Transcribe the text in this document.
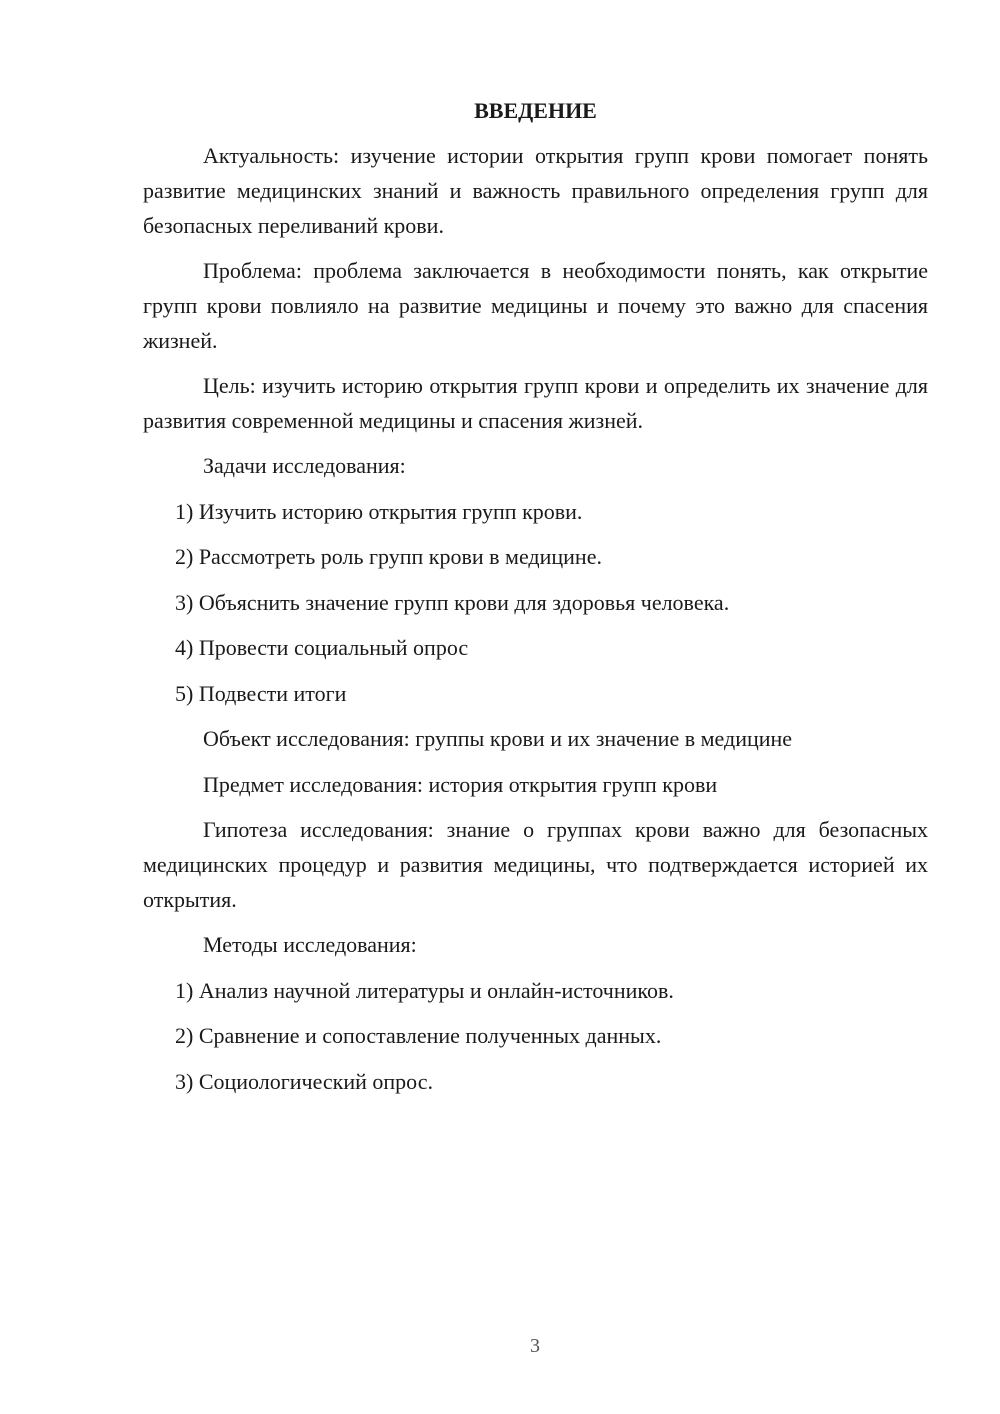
ВВЕДЕНИЕ

Актуальность: изучение истории открытия групп крови помогает понять развитие медицинских знаний и важность правильного определения групп для безопасных переливаний крови.

Проблема: проблема заключается в необходимости понять, как открытие групп крови повлияло на развитие медицины и почему это важно для спасения жизней.

Цель: изучить историю открытия групп крови и определить их значение для развития современной медицины и спасения жизней.

Задачи исследования:

1) Изучить историю открытия групп крови.

2) Рассмотреть роль групп крови в медицине.

3) Объяснить значение групп крови для здоровья человека.

4) Провести социальный опрос

5) Подвести итоги

Объект исследования: группы крови и их значение в медицине

Предмет исследования: история открытия групп крови

Гипотеза исследования: знание о группах крови важно для безопасных медицинских процедур и развития медицины, что подтверждается историей их открытия.

Методы исследования:

1) Анализ научной литературы и онлайн-источников.

2) Сравнение и сопоставление полученных данных.

3) Социологический опрос.

3
